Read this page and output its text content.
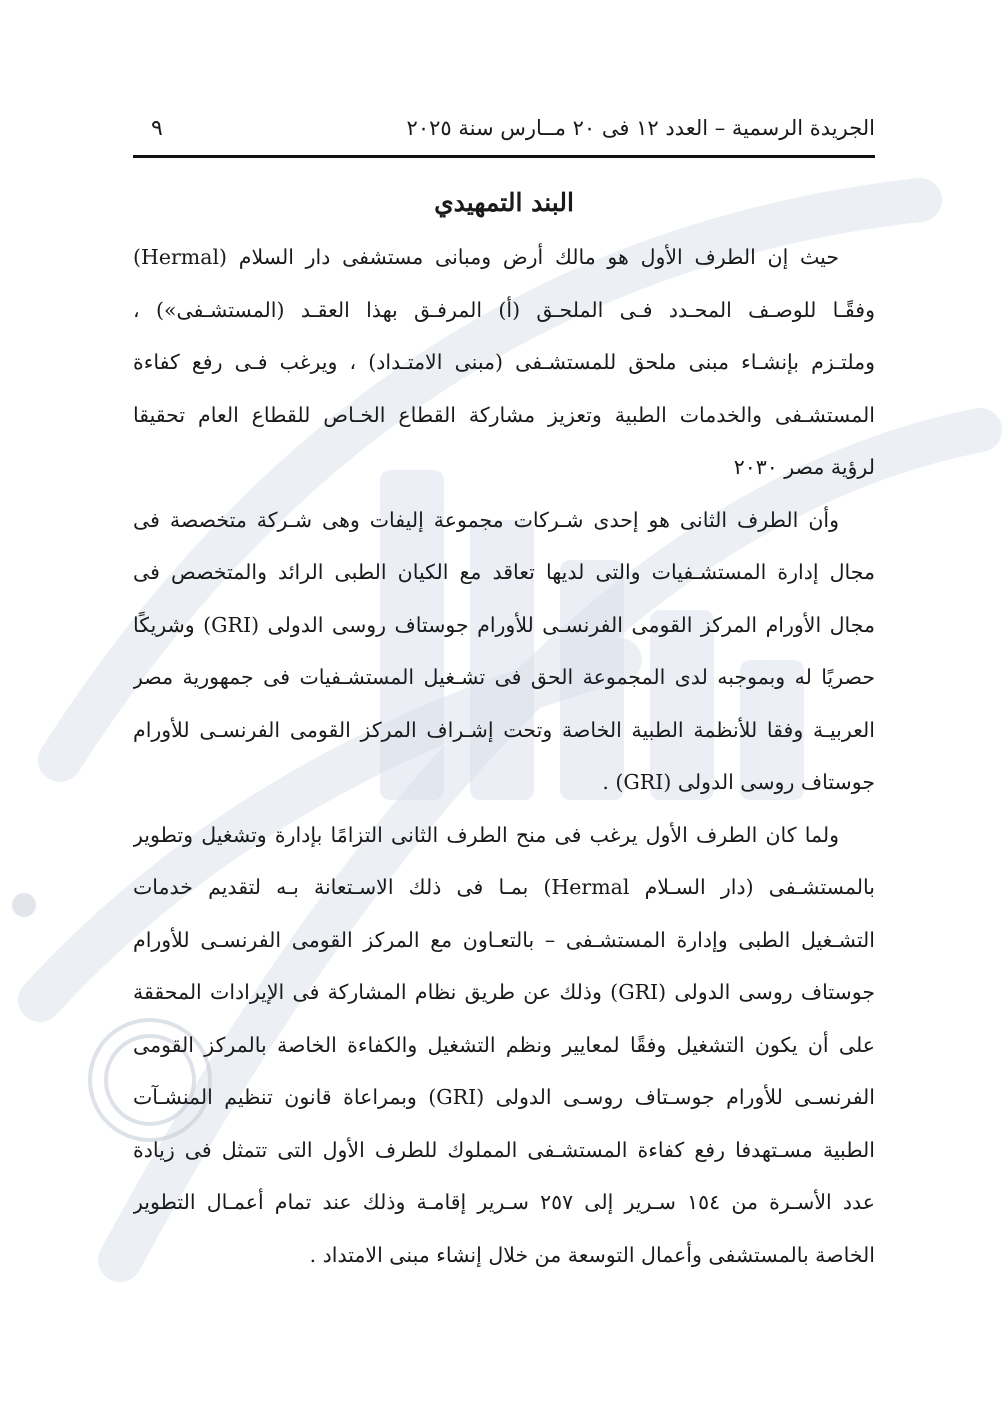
الجريدة الرسمية – العدد ١٢ فى ٢٠ مــارس سنة ٢٠٢٥
٩
البند التمهيدي
حيث إن الطرف الأول هو مالك أرض ومبانى مستشفى دار السلام (Hermal)
وفقًـا للوصـف المحـدد فـى الملحـق (أ) المرفـق بهذا العقـد (المستشـفى») ،
وملتـزم بإنشـاء مبنى ملحق للمستشـفى (مبنى الامتـداد) ، ويرغب فـى رفع كفاءة
المستشـفى والخدمات الطبية وتعزيز مشاركة القطاع الخـاص للقطاع العام تحقيقا
لرؤية مصر ٢٠٣٠
وأن الطرف الثانى هو إحدى شـركات مجموعة إليفات وهى شـركة متخصصة فى
مجال إدارة المستشـفيات والتى لديها تعاقد مع الكيان الطبى الرائد والمتخصص فى
مجال الأورام المركز القومى الفرنسـى للأورام جوستاف روسى الدولى (GRI) وشريكًا
حصريًا له وبموجبه لدى المجموعة الحق فى تشـغيل المستشـفيات فى جمهورية مصر
العربيـة وفقا للأنظمة الطبية الخاصة وتحت إشـراف المركز القومى الفرنسـى للأورام
جوستاف روسى الدولى (GRI) .
ولما كان الطرف الأول يرغب فى منح الطرف الثانى التزامًا بإدارة وتشغيل وتطوير
بالمستشـفى (دار السـلام Hermal) بمـا فى ذلك الاسـتعانة بـه لتقديم خدمات
التشـغيل الطبى وإدارة المستشـفى – بالتعـاون مع المركز القومى الفرنسـى للأورام
جوستاف روسى الدولى (GRI) وذلك عن طريق نظام المشاركة فى الإيرادات المحققة
على أن يكون التشغيل وفقًا لمعايير ونظم التشغيل والكفاءة الخاصة بالمركز القومى
الفرنسـى للأورام جوسـتاف روسـى الدولى (GRI) وبمراعاة قانون تنظيم المنشـآت
الطبية مسـتهدفا رفع كفاءة المستشـفى المملوك للطرف الأول التى تتمثل فى زيادة
عدد الأسـرة من ١٥٤ سـرير إلى ٢٥٧ سـرير إقامـة وذلك عند تمام أعمـال التطوير
الخاصة بالمستشفى وأعمال التوسعة من خلال إنشاء مبنى الامتداد .
